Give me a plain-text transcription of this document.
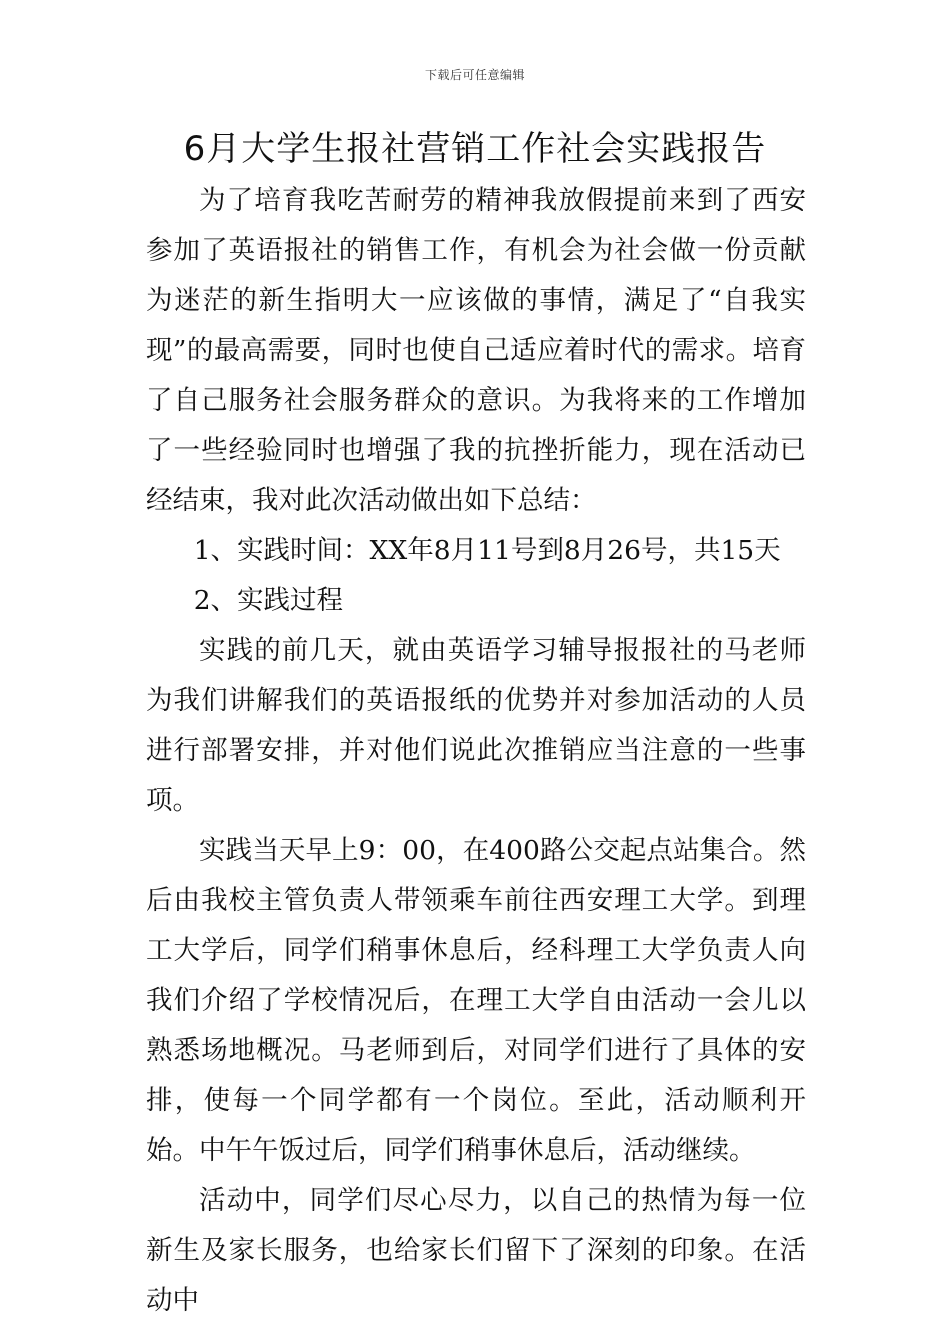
下载后可任意编辑
6月大学生报社营销工作社会实践报告

为了培育我吃苦耐劳的精神我放假提前来到了西安参加了英语报社的销售工作，有机会为社会做一份贡献为迷茫的新生指明大一应该做的事情，满足了“自我实现”的最高需要，同时也使自己适应着时代的需求。培育了自己服务社会服务群众的意识。为我将来的工作增加了一些经验同时也增强了我的抗挫折能力，现在活动已经结束，我对此次活动做出如下总结：

1、实践时间：XX年8月11号到8月26号，共15天

2、实践过程

实践的前几天，就由英语学习辅导报报社的马老师为我们讲解我们的英语报纸的优势并对参加活动的人员进行部署安排，并对他们说此次推销应当注意的一些事项。

实践当天早上9：00，在400路公交起点站集合。然后由我校主管负责人带领乘车前往西安理工大学。到理工大学后，同学们稍事休息后，经科理工大学负责人向我们介绍了学校情况后，在理工大学自由活动一会儿以熟悉场地概况。马老师到后，对同学们进行了具体的安排，使每一个同学都有一个岗位。至此，活动顺利开始。中午午饭过后，同学们稍事休息后，活动继续。

活动中，同学们尽心尽力，以自己的热情为每一位新生及家长服务，也给家长们留下了深刻的印象。在活动中
